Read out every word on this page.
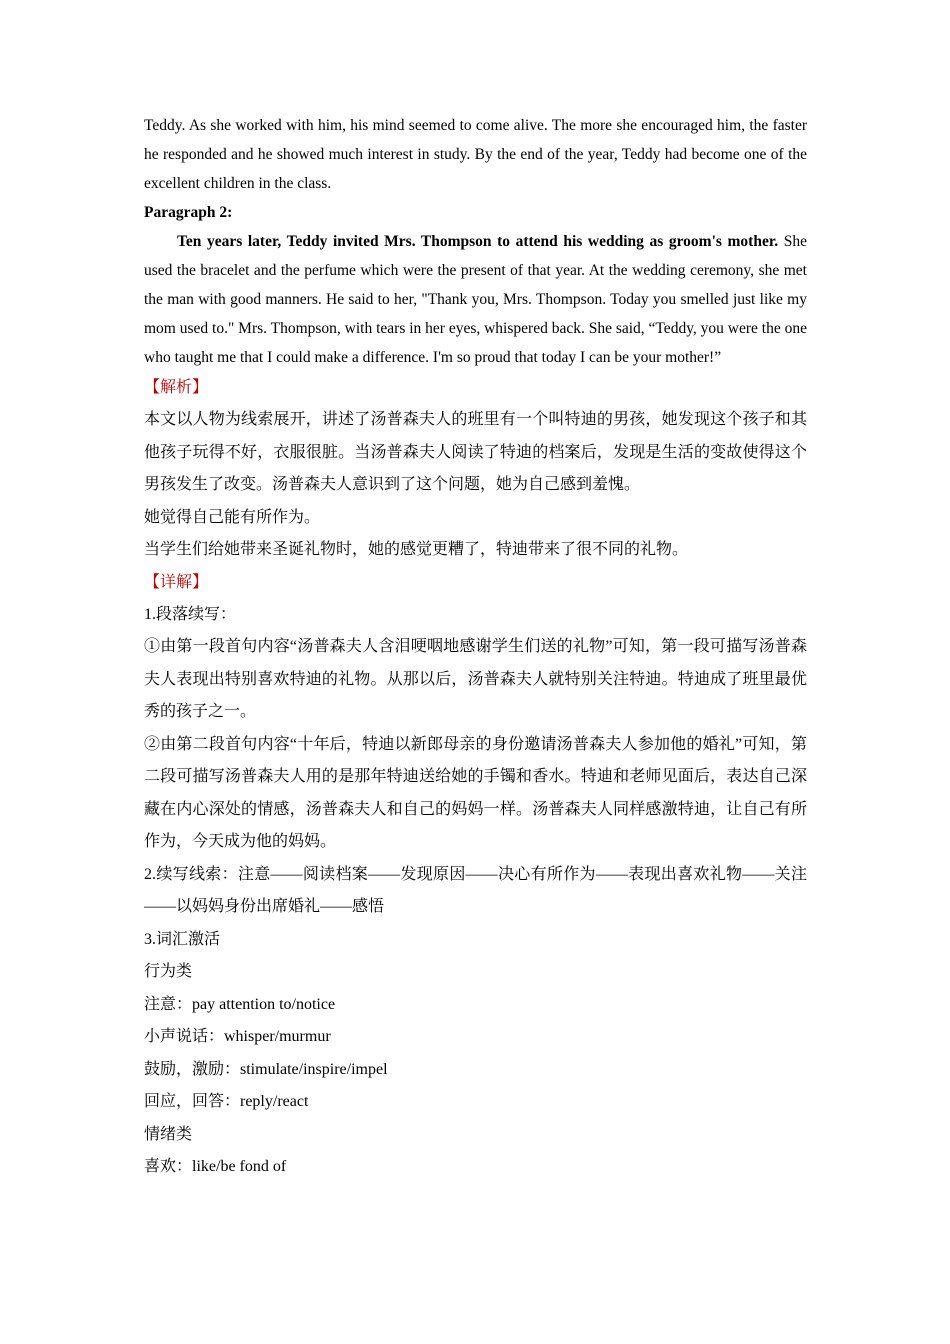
Teddy. As she worked with him, his mind seemed to come alive. The more she encouraged him, the faster he responded and he showed much interest in study. By the end of the year, Teddy had become one of the excellent children in the class.

Paragraph 2:

Ten years later, Teddy invited Mrs. Thompson to attend his wedding as groom's mother. She used the bracelet and the perfume which were the present of that year. At the wedding ceremony, she met the man with good manners. He said to her, "Thank you, Mrs. Thompson. Today you smelled just like my mom used to." Mrs. Thompson, with tears in her eyes, whispered back. She said, “Teddy, you were the one who taught me that I could make a difference. I'm so proud that today I can be your mother!”

【解析】

本文以人物为线索展开，讲述了汤普森夫人的班里有一个叫特迪的男孩，她发现这个孩子和其他孩子玩得不好，衣服很脏。当汤普森夫人阅读了特迪的档案后，发现是生活的变故使得这个男孩发生了改变。汤普森夫人意识到了这个问题，她为自己感到羞愧。

她觉得自己能有所作为。

当学生们给她带来圣诞礼物时，她的感觉更糟了，特迪带来了很不同的礼物。

【详解】

1.段落续写：

①由第一段首句内容“汤普森夫人含泪哽咽地感谢学生们送的礼物”可知，第一段可描写汤普森夫人表现出特别喜欢特迪的礼物。从那以后，汤普森夫人就特别关注特迪。特迪成了班里最优秀的孩子之一。

②由第二段首句内容“十年后，特迪以新郎母亲的身份邀请汤普森夫人参加他的婚礼”可知，第二段可描写汤普森夫人用的是那年特迪送给她的手镯和香水。特迪和老师见面后，表达自己深藏在内心深处的情感，汤普森夫人和自己的妈妈一样。汤普森夫人同样感激特迪，让自己有所作为，今天成为他的妈妈。

2.续写线索：注意——阅读档案——发现原因——决心有所作为——表现出喜欢礼物——关注——以妈妈身份出席婚礼——感悟

3.词汇激活

行为类

注意：pay attention to/notice

小声说话：whisper/murmur

鼓励，激励：stimulate/inspire/impel

回应，回答：reply/react

情绪类

喜欢：like/be fond of
